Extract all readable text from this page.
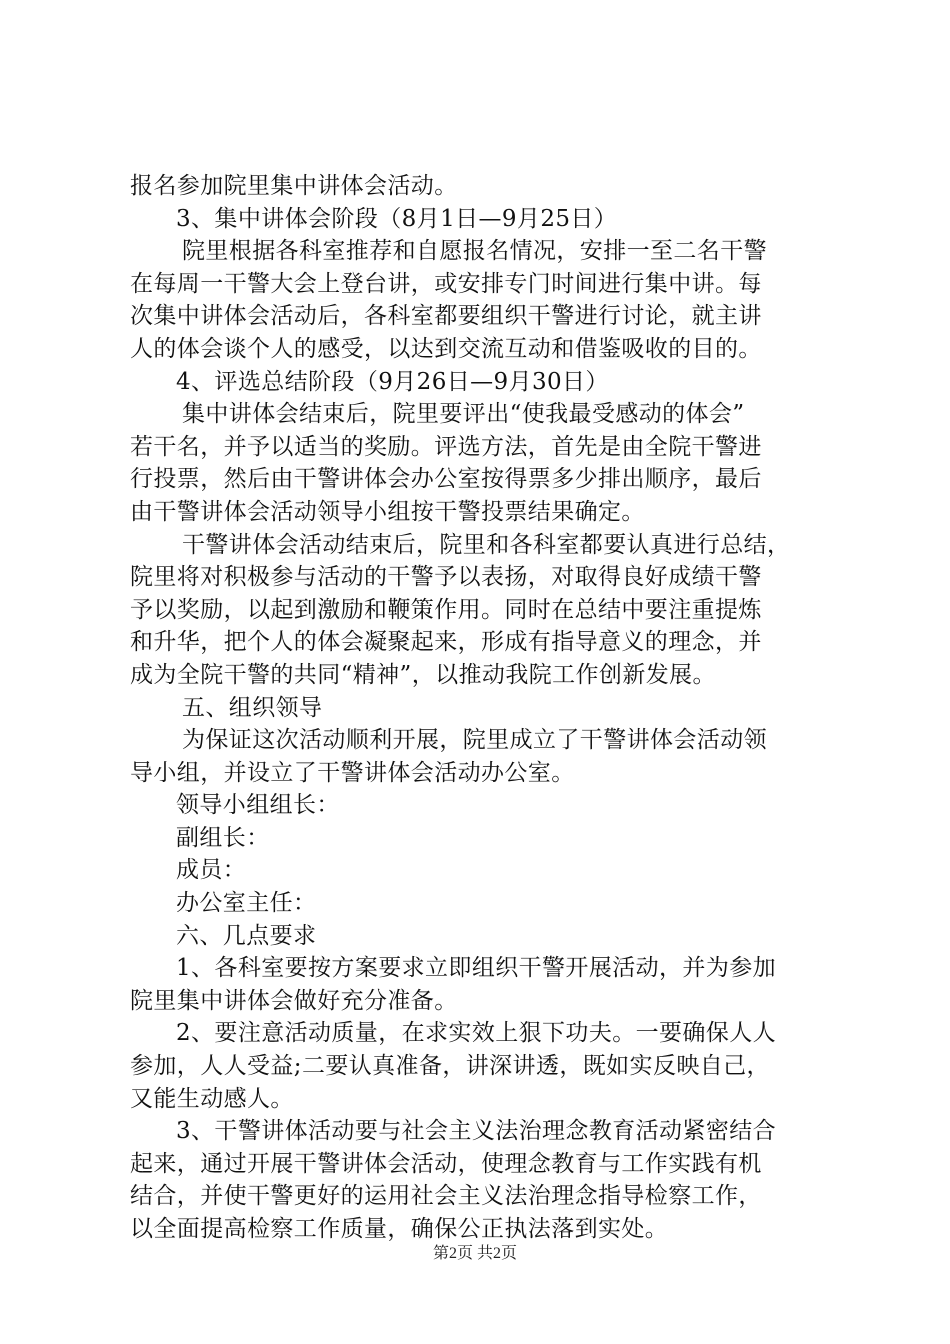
报名参加院里集中讲体会活动。
3、集中讲体会阶段（8月1日—9月25日）
院里根据各科室推荐和自愿报名情况，安排一至二名干警
在每周一干警大会上登台讲，或安排专门时间进行集中讲。每
次集中讲体会活动后，各科室都要组织干警进行讨论，就主讲
人的体会谈个人的感受，以达到交流互动和借鉴吸收的目的。
4、评选总结阶段（9月26日—9月30日）
集中讲体会结束后，院里要评出“使我最受感动的体会”
若干名，并予以适当的奖励。评选方法，首先是由全院干警进
行投票，然后由干警讲体会办公室按得票多少排出顺序，最后
由干警讲体会活动领导小组按干警投票结果确定。
干警讲体会活动结束后，院里和各科室都要认真进行总结，
院里将对积极参与活动的干警予以表扬，对取得良好成绩干警
予以奖励，以起到激励和鞭策作用。同时在总结中要注重提炼
和升华，把个人的体会凝聚起来，形成有指导意义的理念，并
成为全院干警的共同“精神”，以推动我院工作创新发展。
五、组织领导
为保证这次活动顺利开展，院里成立了干警讲体会活动领
导小组，并设立了干警讲体会活动办公室。
领导小组组长：
副组长：
成员：
办公室主任：
六、几点要求
1、各科室要按方案要求立即组织干警开展活动，并为参加
院里集中讲体会做好充分准备。
2、要注意活动质量，在求实效上狠下功夫。一要确保人人
参加，人人受益;二要认真准备，讲深讲透，既如实反映自己，
又能生动感人。
3、干警讲体活动要与社会主义法治理念教育活动紧密结合
起来，通过开展干警讲体会活动，使理念教育与工作实践有机
结合，并使干警更好的运用社会主义法治理念指导检察工作，
以全面提高检察工作质量，确保公正执法落到实处。
第2页 共2页
